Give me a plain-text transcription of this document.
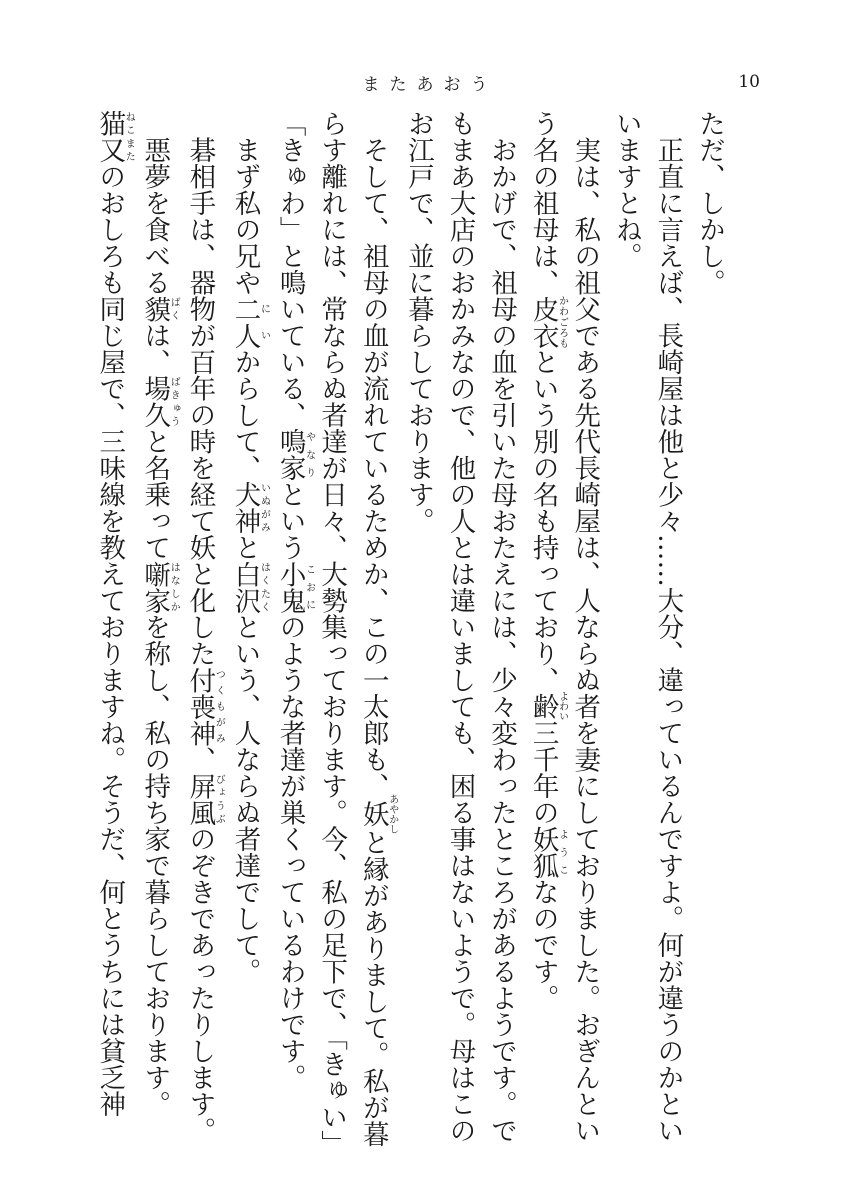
またあおう	10

ただ、しかし。

　正直に言えば、長崎屋は他と少々……大分、違っているんですよ。何が違うのかといいますとね。

　実は、私の祖父である先代長崎屋は、人ならぬ者を妻にしておりました。おぎんという名の祖母は、皮衣かわごろもという別の名も持っており、齢よわい三千年の妖狐ようこなのです。

　おかげで、祖母の血を引いた母おたえには、少々変わったところがあるようです。でもまあ大店のおかみなので、他の人とは違いましても、困る事はないようで。母はこのお江戸で、並に暮らしております。

　そして、祖母の血が流れているためか、この一太郎も、妖あやかしと縁がありまして。私が暮らす離れには、常ならぬ者達が日々、大勢集っております。今、私の足下で、「きゅい」「きゅわ」と鳴いている、鳴家やなりという小鬼こおにのような者達が巣くっているわけです。

　まず私の兄や二人にいからして、犬神いぬがみと白沢はくたくという、人ならぬ者達でして。

　碁相手は、器物が百年の時を経て妖と化した付喪神つくもがみ、屏風びょうぶのぞきであったりします。

　悪夢を食べる貘ばくは、場久ばきゅうと名乗って噺家はなしかを称し、私の持ち家で暮らしております。

猫又ねこまたのおしろも同じ屋で、三味線を教えておりますね。そうだ、何とうちには貧乏神
